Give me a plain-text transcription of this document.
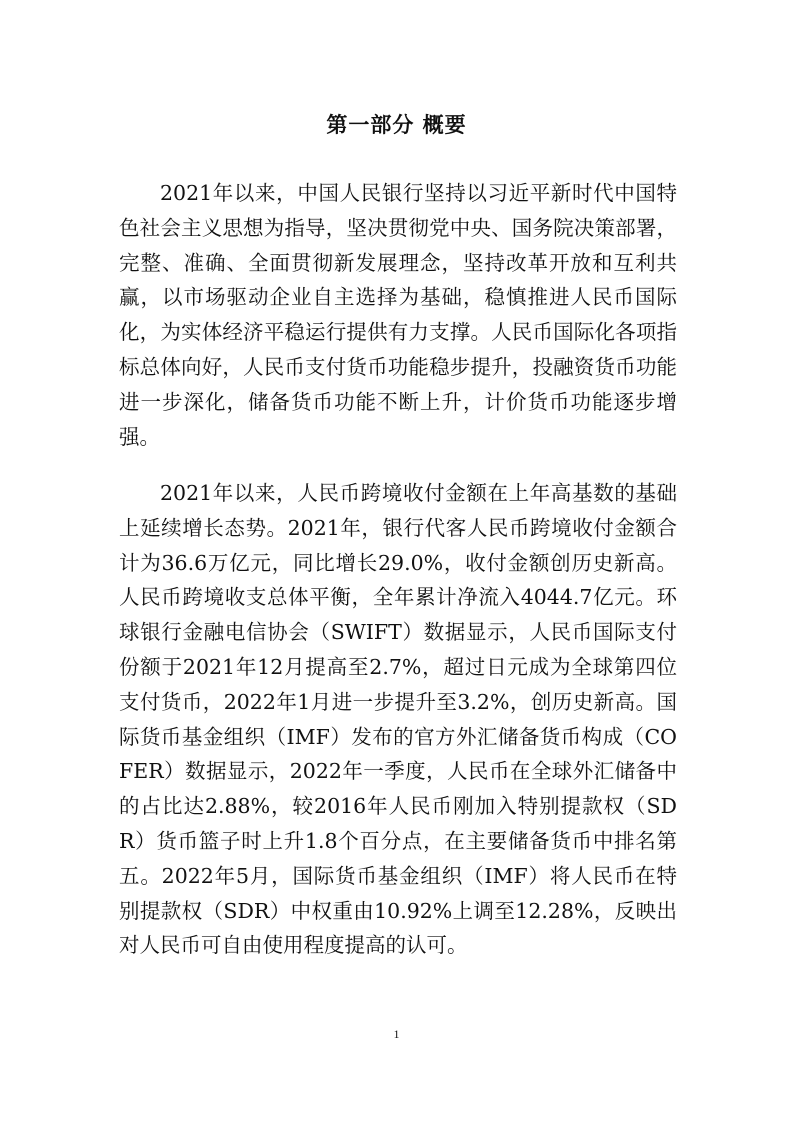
第一部分 概要

2021年以来，中国人民银行坚持以习近平新时代中国特色社会主义思想为指导，坚决贯彻党中央、国务院决策部署，完整、准确、全面贯彻新发展理念，坚持改革开放和互利共赢，以市场驱动企业自主选择为基础，稳慎推进人民币国际化，为实体经济平稳运行提供有力支撑。人民币国际化各项指标总体向好，人民币支付货币功能稳步提升，投融资货币功能进一步深化，储备货币功能不断上升，计价货币功能逐步增强。

2021年以来，人民币跨境收付金额在上年高基数的基础上延续增长态势。2021年，银行代客人民币跨境收付金额合计为36.6万亿元，同比增长29.0%，收付金额创历史新高。人民币跨境收支总体平衡，全年累计净流入4044.7亿元。环球银行金融电信协会（SWIFT）数据显示，人民币国际支付份额于2021年12月提高至2.7%，超过日元成为全球第四位支付货币，2022年1月进一步提升至3.2%，创历史新高。国际货币基金组织（IMF）发布的官方外汇储备货币构成（COFER）数据显示，2022年一季度，人民币在全球外汇储备中的占比达2.88%，较2016年人民币刚加入特别提款权（SDR）货币篮子时上升1.8个百分点，在主要储备货币中排名第五。2022年5月，国际货币基金组织（IMF）将人民币在特别提款权（SDR）中权重由10.92%上调至12.28%，反映出对人民币可自由使用程度提高的认可。

1
